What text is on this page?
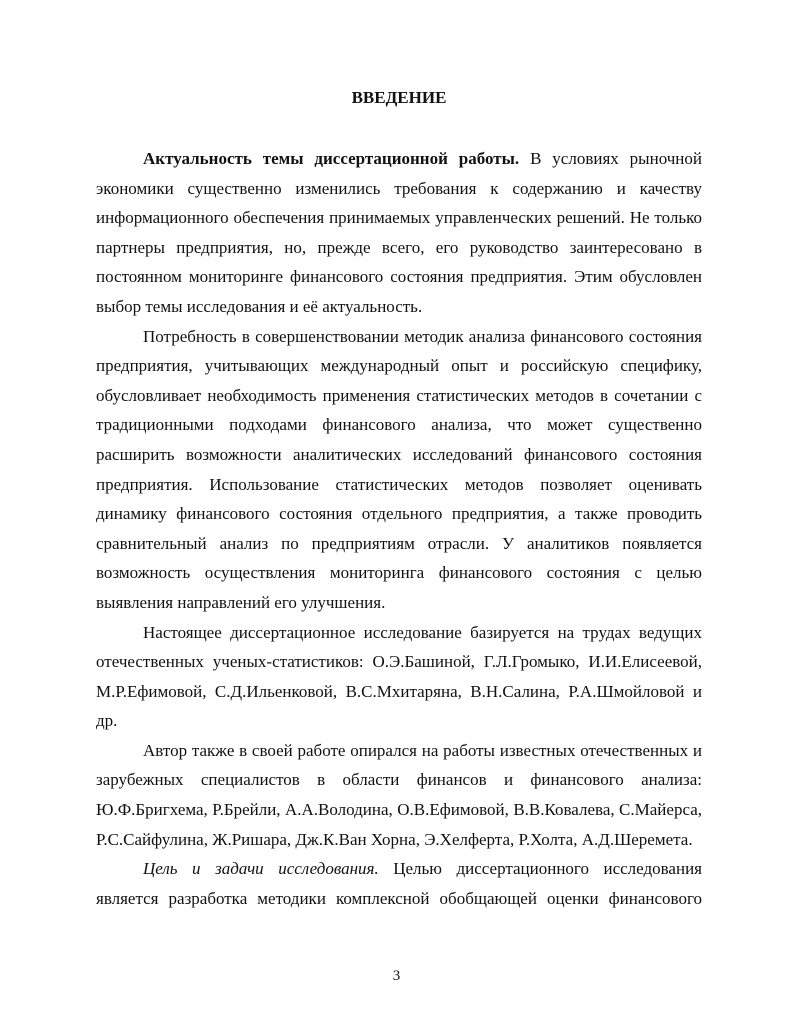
ВВЕДЕНИЕ

Актуальность темы диссертационной работы. В условиях рыночной экономики существенно изменились требования к содержанию и качеству информационного обеспечения принимаемых управленческих решений. Не только партнеры предприятия, но, прежде всего, его руководство заинтересовано в постоянном мониторинге финансового состояния предприятия. Этим обусловлен выбор темы исследования и её актуальность.

Потребность в совершенствовании методик анализа финансового состояния предприятия, учитывающих международный опыт и российскую специфику, обусловливает необходимость применения статистических методов в сочетании с традиционными подходами финансового анализа, что может существенно расширить возможности аналитических исследований финансового состояния предприятия. Использование статистических методов позволяет оценивать динамику финансового состояния отдельного предприятия, а также проводить сравнительный анализ по предприятиям отрасли. У аналитиков появляется возможность осуществления мониторинга финансового состояния с целью выявления направлений его улучшения.

Настоящее диссертационное исследование базируется на трудах ведущих отечественных ученых-статистиков: О.Э.Башиной, Г.Л.Громыко, И.И.Елисеевой, М.Р.Ефимовой, С.Д.Ильенковой, В.С.Мхитаряна, В.Н.Салина, Р.А.Шмойловой и др.

Автор также в своей работе опирался на работы известных отечественных и зарубежных специалистов в области финансов и финансового анализа: Ю.Ф.Бригхема, Р.Брейли, А.А.Володина, О.В.Ефимовой, В.В.Ковалева, С.Майерса, Р.С.Сайфулина, Ж.Ришара, Дж.К.Ван Хорна, Э.Хелферта, Р.Холта, А.Д.Шеремета.

Цель и задачи исследования. Целью диссертационного исследования является разработка методики комплексной обобщающей оценки финансового

3
